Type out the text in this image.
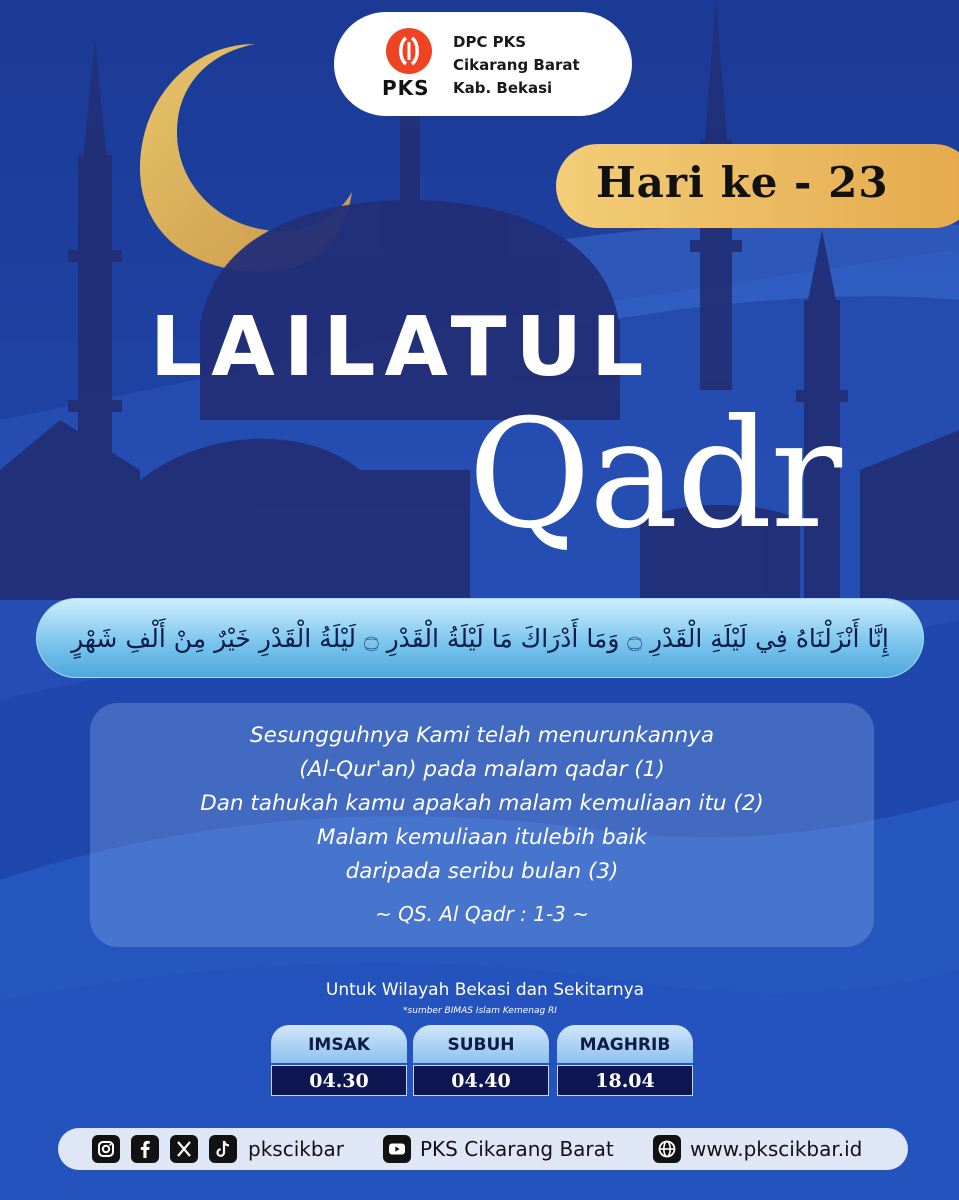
PKS
DPC PKS
Cikarang Barat
Kab. Bekasi
Hari ke - 23
LAILATUL
Qadr
إِنَّا أَنْزَلْنَاهُ فِي لَيْلَةِ الْقَدْرِ ۝ وَمَا أَدْرَاكَ مَا لَيْلَةُ الْقَدْرِ ۝ لَيْلَةُ الْقَدْرِ خَيْرٌ مِنْ أَلْفِ شَهْرٍ
Sesungguhnya Kami telah menurunkannya
(Al-Qur'an) pada malam qadar (1)
Dan tahukah kamu apakah malam kemuliaan itu (2)
Malam kemuliaan itulebih baik
daripada seribu bulan (3)
~ QS. Al Qadr : 1-3 ~
Untuk Wilayah Bekasi dan Sekitarnya
*sumber BIMAS Islam Kemenag RI
IMSAK
04.30
SUBUH
04.40
MAGHRIB
18.04
pkscikbar	PKS Cikarang Barat	www.pkscikbar.id
